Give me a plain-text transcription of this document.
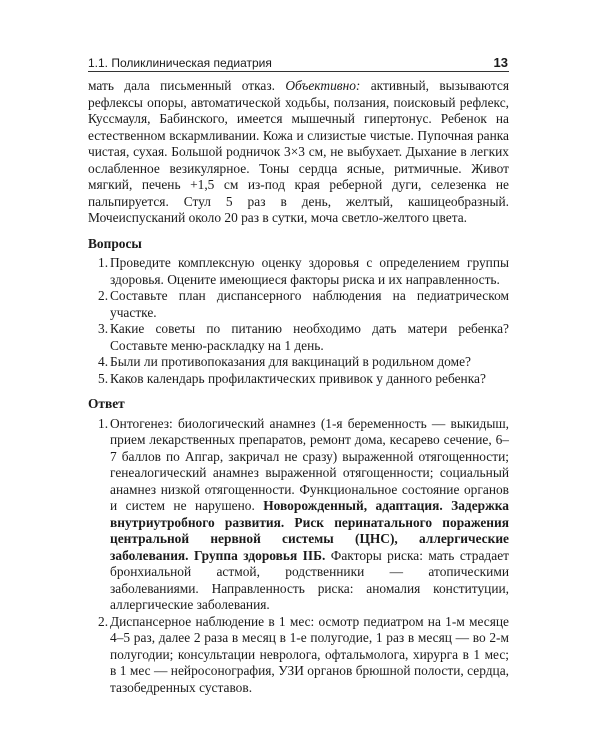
1.1. Поликлиническая педиатрия	13

мать дала письменный отказ. Объективно: активный, вызываются рефлексы опоры, автоматической ходьбы, ползания, поисковый рефлекс, Куссмауля, Бабинского, имеется мышечный гипертонус. Ребенок на естественном вскармливании. Кожа и слизистые чистые. Пупочная ранка чистая, сухая. Большой родничок 3×3 см, не выбухает. Дыхание в легких ослабленное везикулярное. Тоны сердца ясные, ритмичные. Живот мягкий, печень +1,5 см из-под края реберной дуги, селезенка не пальпируется. Стул 5 раз в день, желтый, кашицеобразный. Мочеиспусканий около 20 раз в сутки, моча светло-желтого цвета.

Вопросы
1. Проведите комплексную оценку здоровья с определением группы здоровья. Оцените имеющиеся факторы риска и их направленность.
2. Составьте план диспансерного наблюдения на педиатрическом участке.
3. Какие советы по питанию необходимо дать матери ребенка? Составьте меню-раскладку на 1 день.
4. Были ли противопоказания для вакцинаций в родильном доме?
5. Каков календарь профилактических прививок у данного ребенка?
Ответ
1. Онтогенез: биологический анамнез (1-я беременность — выкидыш, прием лекарственных препаратов, ремонт дома, кесарево сечение, 6–7 баллов по Апгар, закричал не сразу) выраженной отягощенности; генеалогический анамнез выраженной отягощенности; социальный анамнез низкой отягощенности. Функциональное состояние органов и систем не нарушено. Новорожденный, адаптация. Задержка внутриутробного развития. Риск перинатального поражения центральной нервной системы (ЦНС), аллергические заболевания. Группа здоровья IIБ. Факторы риска: мать страдает бронхиальной астмой, родственники — атопическими заболеваниями. Направленность риска: аномалия конституции, аллергические заболевания.
2. Диспансерное наблюдение в 1 мес: осмотр педиатром на 1-м месяце 4–5 раз, далее 2 раза в месяц в 1-е полугодие, 1 раз в месяц — во 2-м полугодии; консультации невролога, офтальмолога, хирурга в 1 мес; в 1 мес — нейросонография, УЗИ органов брюшной полости, сердца, тазобедренных суставов.
